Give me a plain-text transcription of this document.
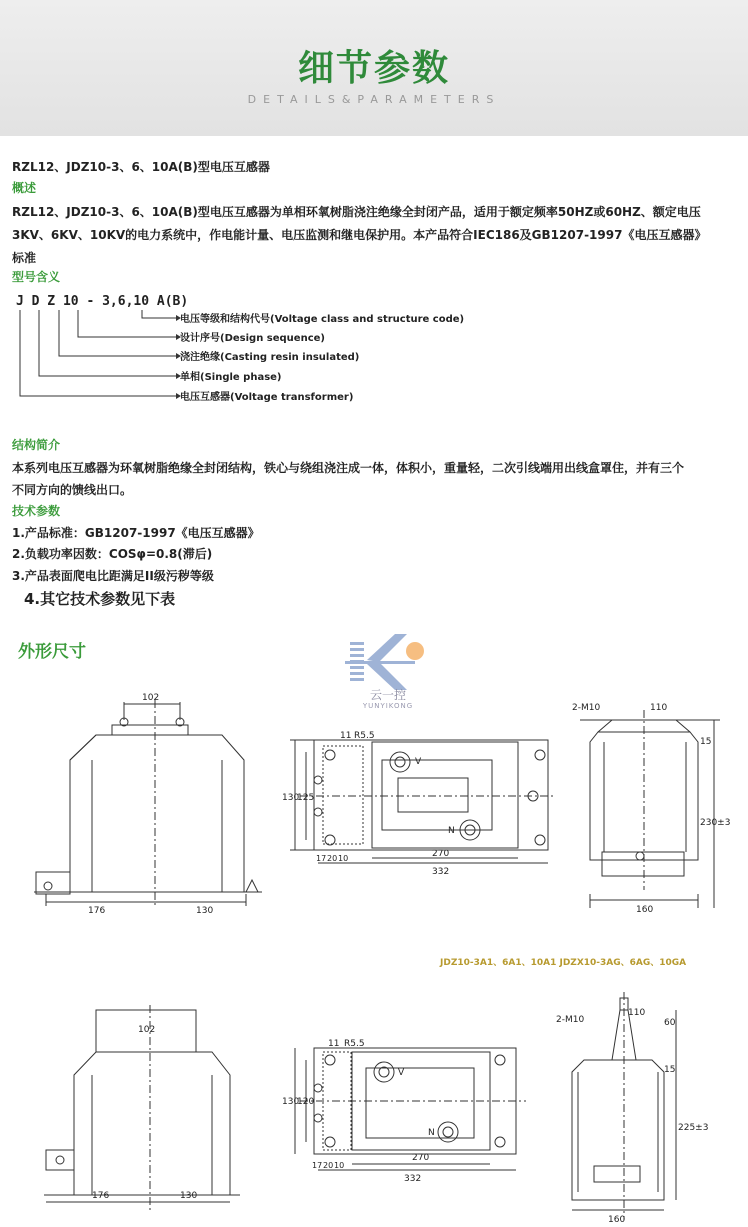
细节参数
DETAILS&PARAMETERS
RZL12、JDZ10-3、6、10A(B)型电压互感器
概述
RZL12、JDZ10-3、6、10A(B)型电压互感器为单相环氧树脂浇注绝缘全封闭产品，适用于额定频率50HZ或60HZ、额定电压
3KV、6KV、10KV的电力系统中，作电能计量、电压监测和继电保护用。本产品符合IEC186及GB1207-1997《电压互感器》
标准
型号含义
J D Z 10 - 3,6,10 A(B)
电压等级和结构代号(Voltage class and structure code)
设计序号(Design sequence)
浇注绝缘(Casting resin insulated)
单相(Single phase)
电压互感器(Voltage transformer)
结构简介
本系列电压互感器为环氧树脂绝缘全封闭结构，铁心与绕组浇注成一体，体积小，重量轻，二次引线端用出线盒罩住，并有三个
不同方向的馈线出口。
技术参数
1.产品标准：GB1207-1997《电压互感器》
2.负载功率因数：COSφ=0.8(滞后)
3.产品表面爬电比距满足II级污秽等级
4.其它技术参数见下表
外形尺寸
云一控
YUNYIKONG
102
176	130
11 R5.5
130
125
17 20 10	270
332
V
N
2-M10	110
15
230±3
160
102
176	130
11 R5.5
130
120
17 20 10
270
332
V
N
2-M10
110
60
15
225±3
160
JDZ10-3A1、6A1、10A1 JDZX10-3AG、6AG、10GA
